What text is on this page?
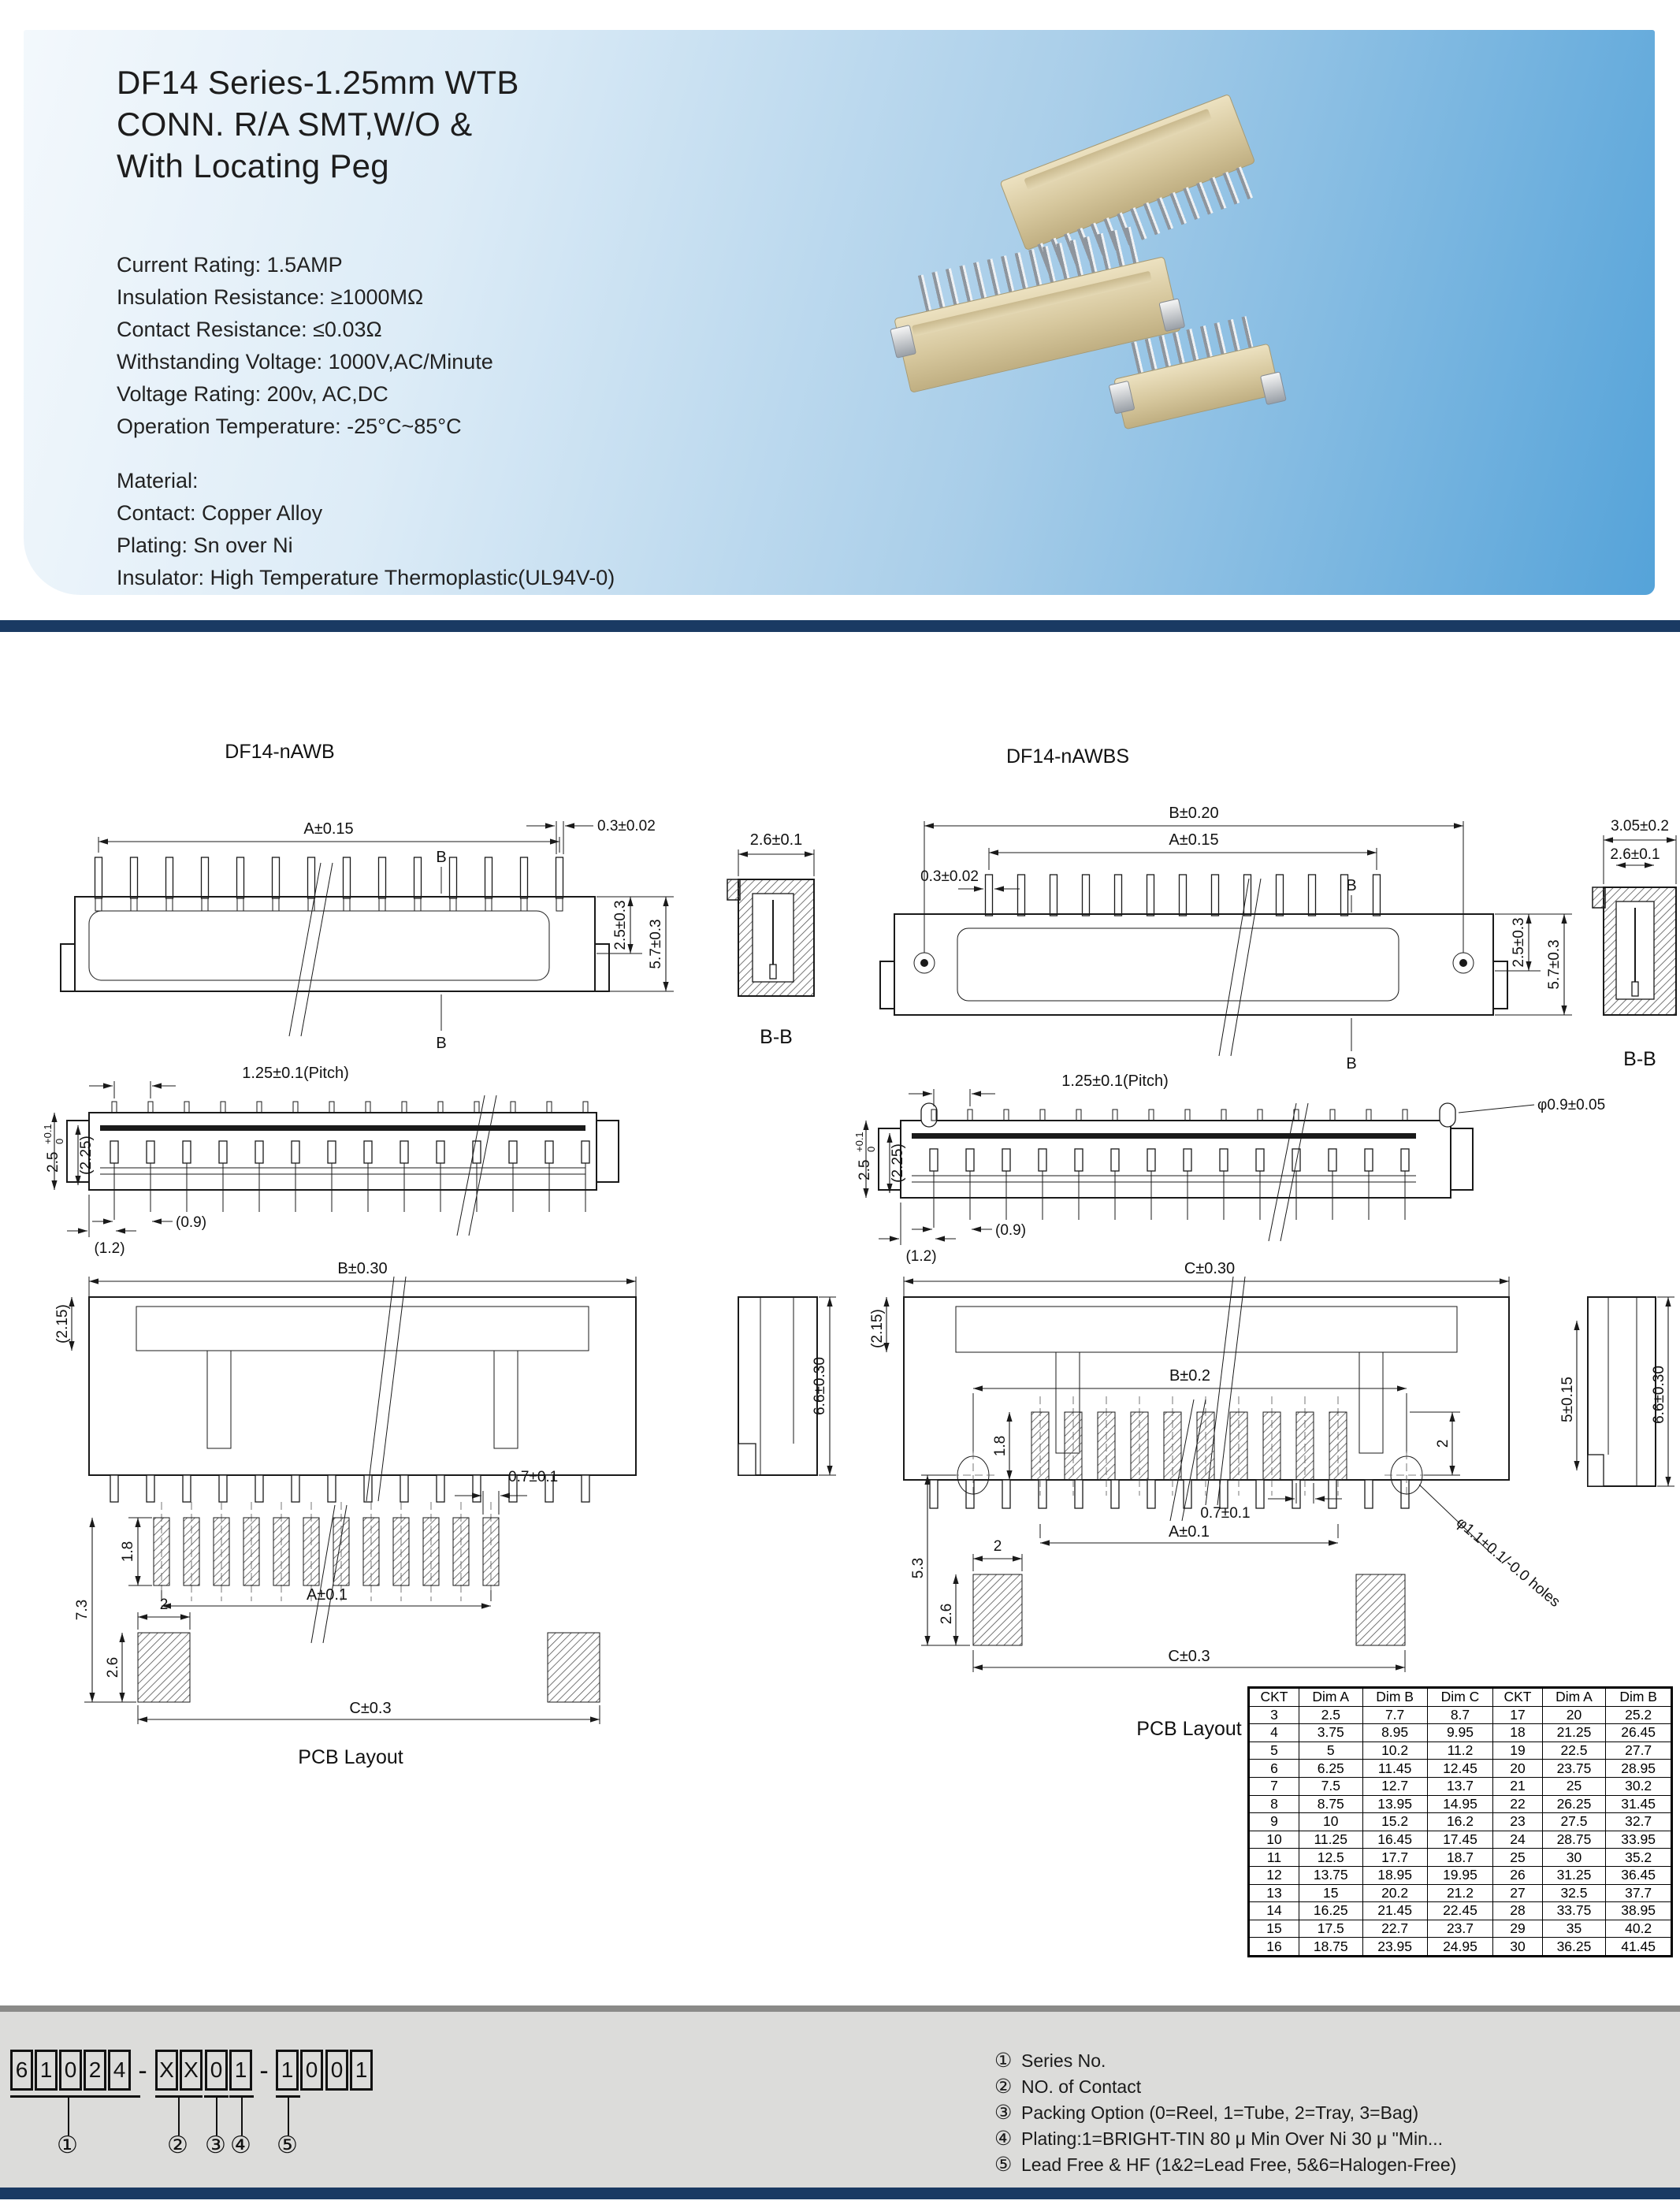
DF14 Series-1.25mm WTB
CONN. R/A SMT,W/O &
With Locating Peg
Current Rating: 1.5AMP
Insulation Resistance: ≥1000MΩ
Contact Resistance: ≤0.03Ω
Withstanding Voltage: 1000V,AC/Minute
Voltage Rating: 200v, AC,DC
Operation Temperature: -25°C~85°C
Material:
Contact: Copper Alloy
Plating: Sn over Ni
Insulator: High Temperature Thermoplastic(UL94V-0)
DF14-nAWB
A±0.15
B
0.3±0.02
2.5±0.3 5.7±0.3
B
2.6±0.1
B-B
1.25±0.1(Pitch)
2.5
+0.1 0 (2.25)
(1.2)
(0.9)
B±0.30
(2.15)
6.6±0.30
0.7±0.1
1.8
7.3	2
2.6
A±0.1
C±0.3
PCB Layout
DF14-nAWBS
B±0.20
A±0.15
0.3±0.02
B
2.5±0.3 5.7±0.3
B
3.05±0.2
2.6±0.1
B-B
1.25±0.1(Pitch)
2.5
+0.1 0 (2.25)
(1.2)
(0.9)
φ0.9±0.05
C±0.30
(2.15)
5±0.15	6.6±0.30
B±0.2
1.8	2
0.7±0.1
A±0.1
2
5.3
2.6
C±0.3
φ1.1+0.1/-0.0 holes
PCB Layout
CKT	Dim A	Dim B	Dim C	CKT	Dim A	Dim B
3	2.5	7.7	8.7	17	20	25.2
4	3.75	8.95	9.95	18	21.25	26.45
5	5	10.2	11.2	19	22.5	27.7
6	6.25	11.45	12.45	20	23.75	28.95
7	7.5	12.7	13.7	21	25	30.2
8	8.75	13.95	14.95	22	26.25	31.45
9	10	15.2	16.2	23	27.5	32.7
10	11.25	16.45	17.45	24	28.75	33.95
11	12.5	17.7	18.7	25	30	35.2
12	13.75	18.95	19.95	26	31.25	36.45
13	15	20.2	21.2	27	32.5	37.7
14	16.25	21.45	22.45	28	33.75	38.95
15	17.5	22.7	23.7	29	35	40.2
16	18.75	23.95	24.95	30	36.25	41.45
6 1 0 2 4 - X X 0 1 - 1 0 0 1
①	② ③ ④ ⑤
① Series No.
② NO. of Contact
③ Packing Option (0=Reel, 1=Tube, 2=Tray, 3=Bag)
④ Plating:1=BRIGHT-TIN 80 μ Min Over Ni 30 μ "Min...
⑤ Lead Free & HF (1&2=Lead Free, 5&6=Halogen-Free)
